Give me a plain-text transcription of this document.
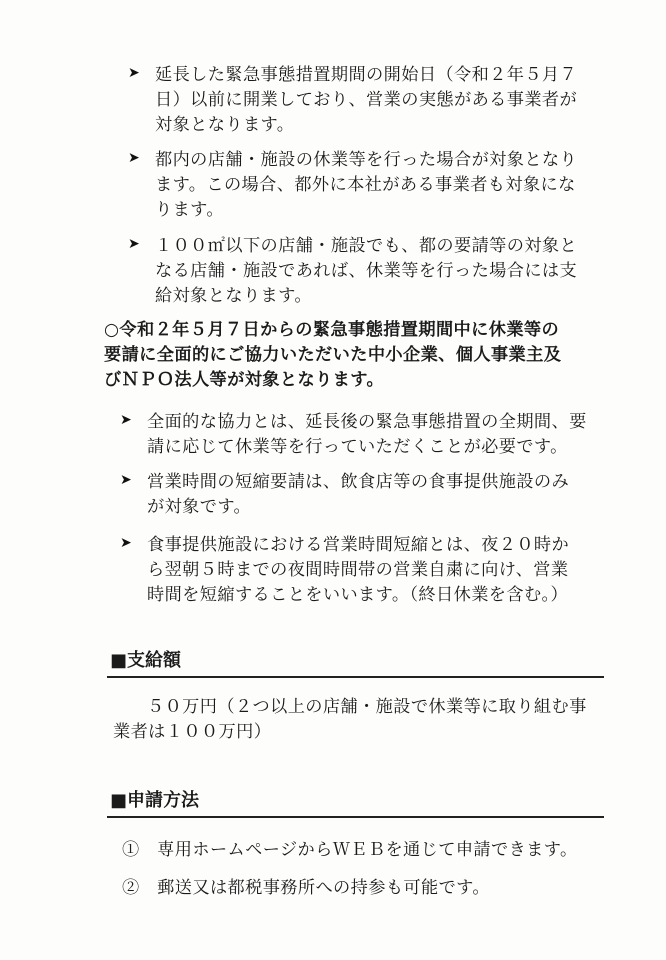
➤ 延長した緊急事態措置期間の開始日（令和２年５月７
日）以前に開業しており、営業の実態がある事業者が
対象となります。
➤ 都内の店舗・施設の休業等を行った場合が対象となり
ます。この場合、都外に本社がある事業者も対象にな
ります。
➤ １００㎡以下の店舗・施設でも、都の要請等の対象と
なる店舗・施設であれば、休業等を行った場合には支
給対象となります。
○令和２年５月７日からの緊急事態措置期間中に休業等の
要請に全面的にご協力いただいた中小企業、個人事業主及
びＮＰＯ法人等が対象となります。
➤ 全面的な協力とは、延長後の緊急事態措置の全期間、要
請に応じて休業等を行っていただくことが必要です。
➤ 営業時間の短縮要請は、飲食店等の食事提供施設のみ
が対象です。
➤ 食事提供施設における営業時間短縮とは、夜２０時か
ら翌朝５時までの夜間時間帯の営業自粛に向け、営業
時間を短縮することをいいます。（終日休業を含む。）
■支給額
５０万円（２つ以上の店舗・施設で休業等に取り組む事
業者は１００万円）
■申請方法
①　専用ホームページからＷＥＢを通じて申請できます。
②　郵送又は都税事務所への持参も可能です。
